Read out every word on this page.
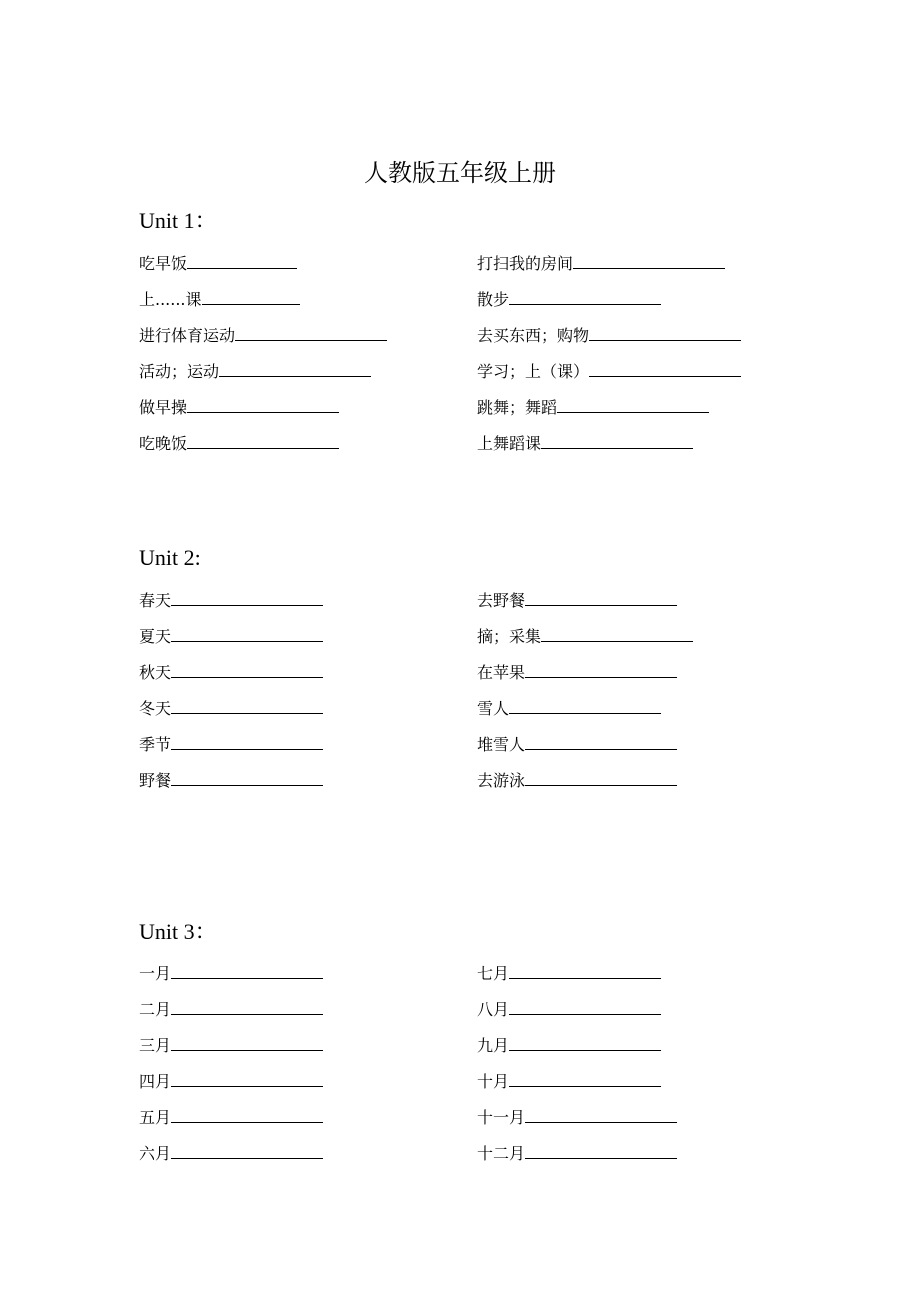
人教版五年级上册
Unit 1：
吃早饭
上......课
进行体育运动
活动；运动
做早操
吃晚饭
打扫我的房间
散步
去买东西；购物
学习；上（课）
跳舞；舞蹈
上舞蹈课
Unit 2:
春天
夏天
秋天
冬天
季节
野餐
去野餐
摘；采集
在苹果
雪人
堆雪人
去游泳
Unit 3：
一月
二月
三月
四月
五月
六月
七月
八月
九月
十月
十一月
十二月
